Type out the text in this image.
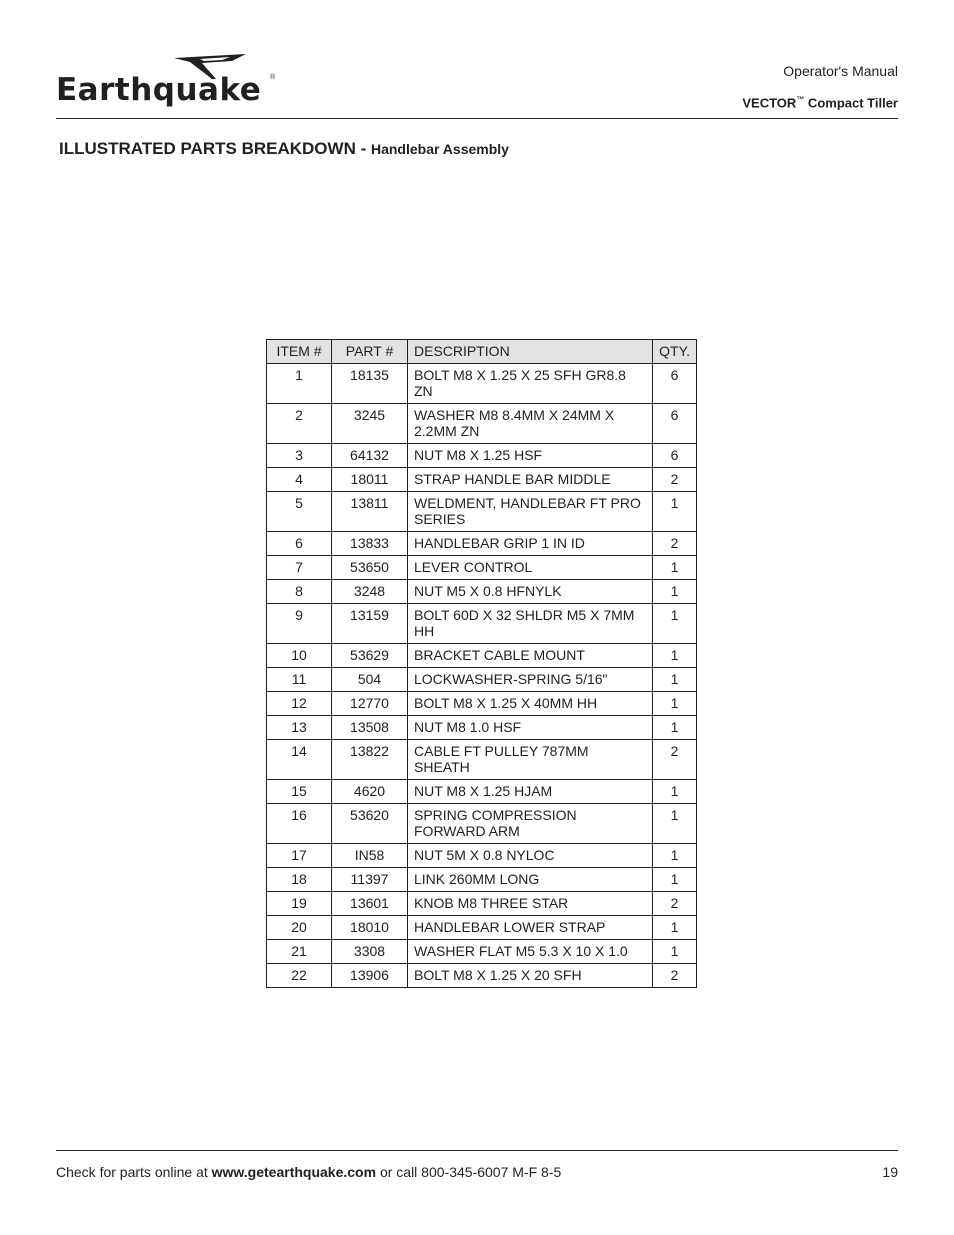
Earthquake ®	Operator's Manual
VECTOR™ Compact Tiller
ILLUSTRATED PARTS BREAKDOWN - Handlebar Assembly
ITEM #	PART #	DESCRIPTION	QTY.
1	18135	BOLT M8 X 1.25 X 25 SFH GR8.8 ZN	6
2	3245	WASHER M8 8.4MM X 24MM X 2.2MM ZN	6
3	64132	NUT M8 X 1.25 HSF	6
4	18011	STRAP HANDLE BAR MIDDLE	2
5	13811	WELDMENT, HANDLEBAR FT PRO SERIES	1
6	13833	HANDLEBAR GRIP 1 IN ID	2
7	53650	LEVER CONTROL	1
8	3248	NUT M5 X 0.8 HFNYLK	1
9	13159	BOLT 60D X 32 SHLDR M5 X 7MM HH	1
10	53629	BRACKET CABLE MOUNT	1
11	504	LOCKWASHER-SPRING 5/16"	1
12	12770	BOLT M8 X 1.25 X 40MM HH	1
13	13508	NUT M8 1.0 HSF	1
14	13822	CABLE FT PULLEY 787MM SHEATH	2
15	4620	NUT M8 X 1.25 HJAM	1
16	53620	SPRING COMPRESSION FORWARD ARM	1
17	IN58	NUT 5M X 0.8 NYLOC	1
18	11397	LINK 260MM LONG	1
19	13601	KNOB M8 THREE STAR	2
20	18010	HANDLEBAR LOWER STRAP	1
21	3308	WASHER FLAT M5 5.3 X 10 X 1.0	1
22	13906	BOLT M8 X 1.25 X 20 SFH	2
Check for parts online at www.getearthquake.com or call 800-345-6007 M-F 8-5	19
